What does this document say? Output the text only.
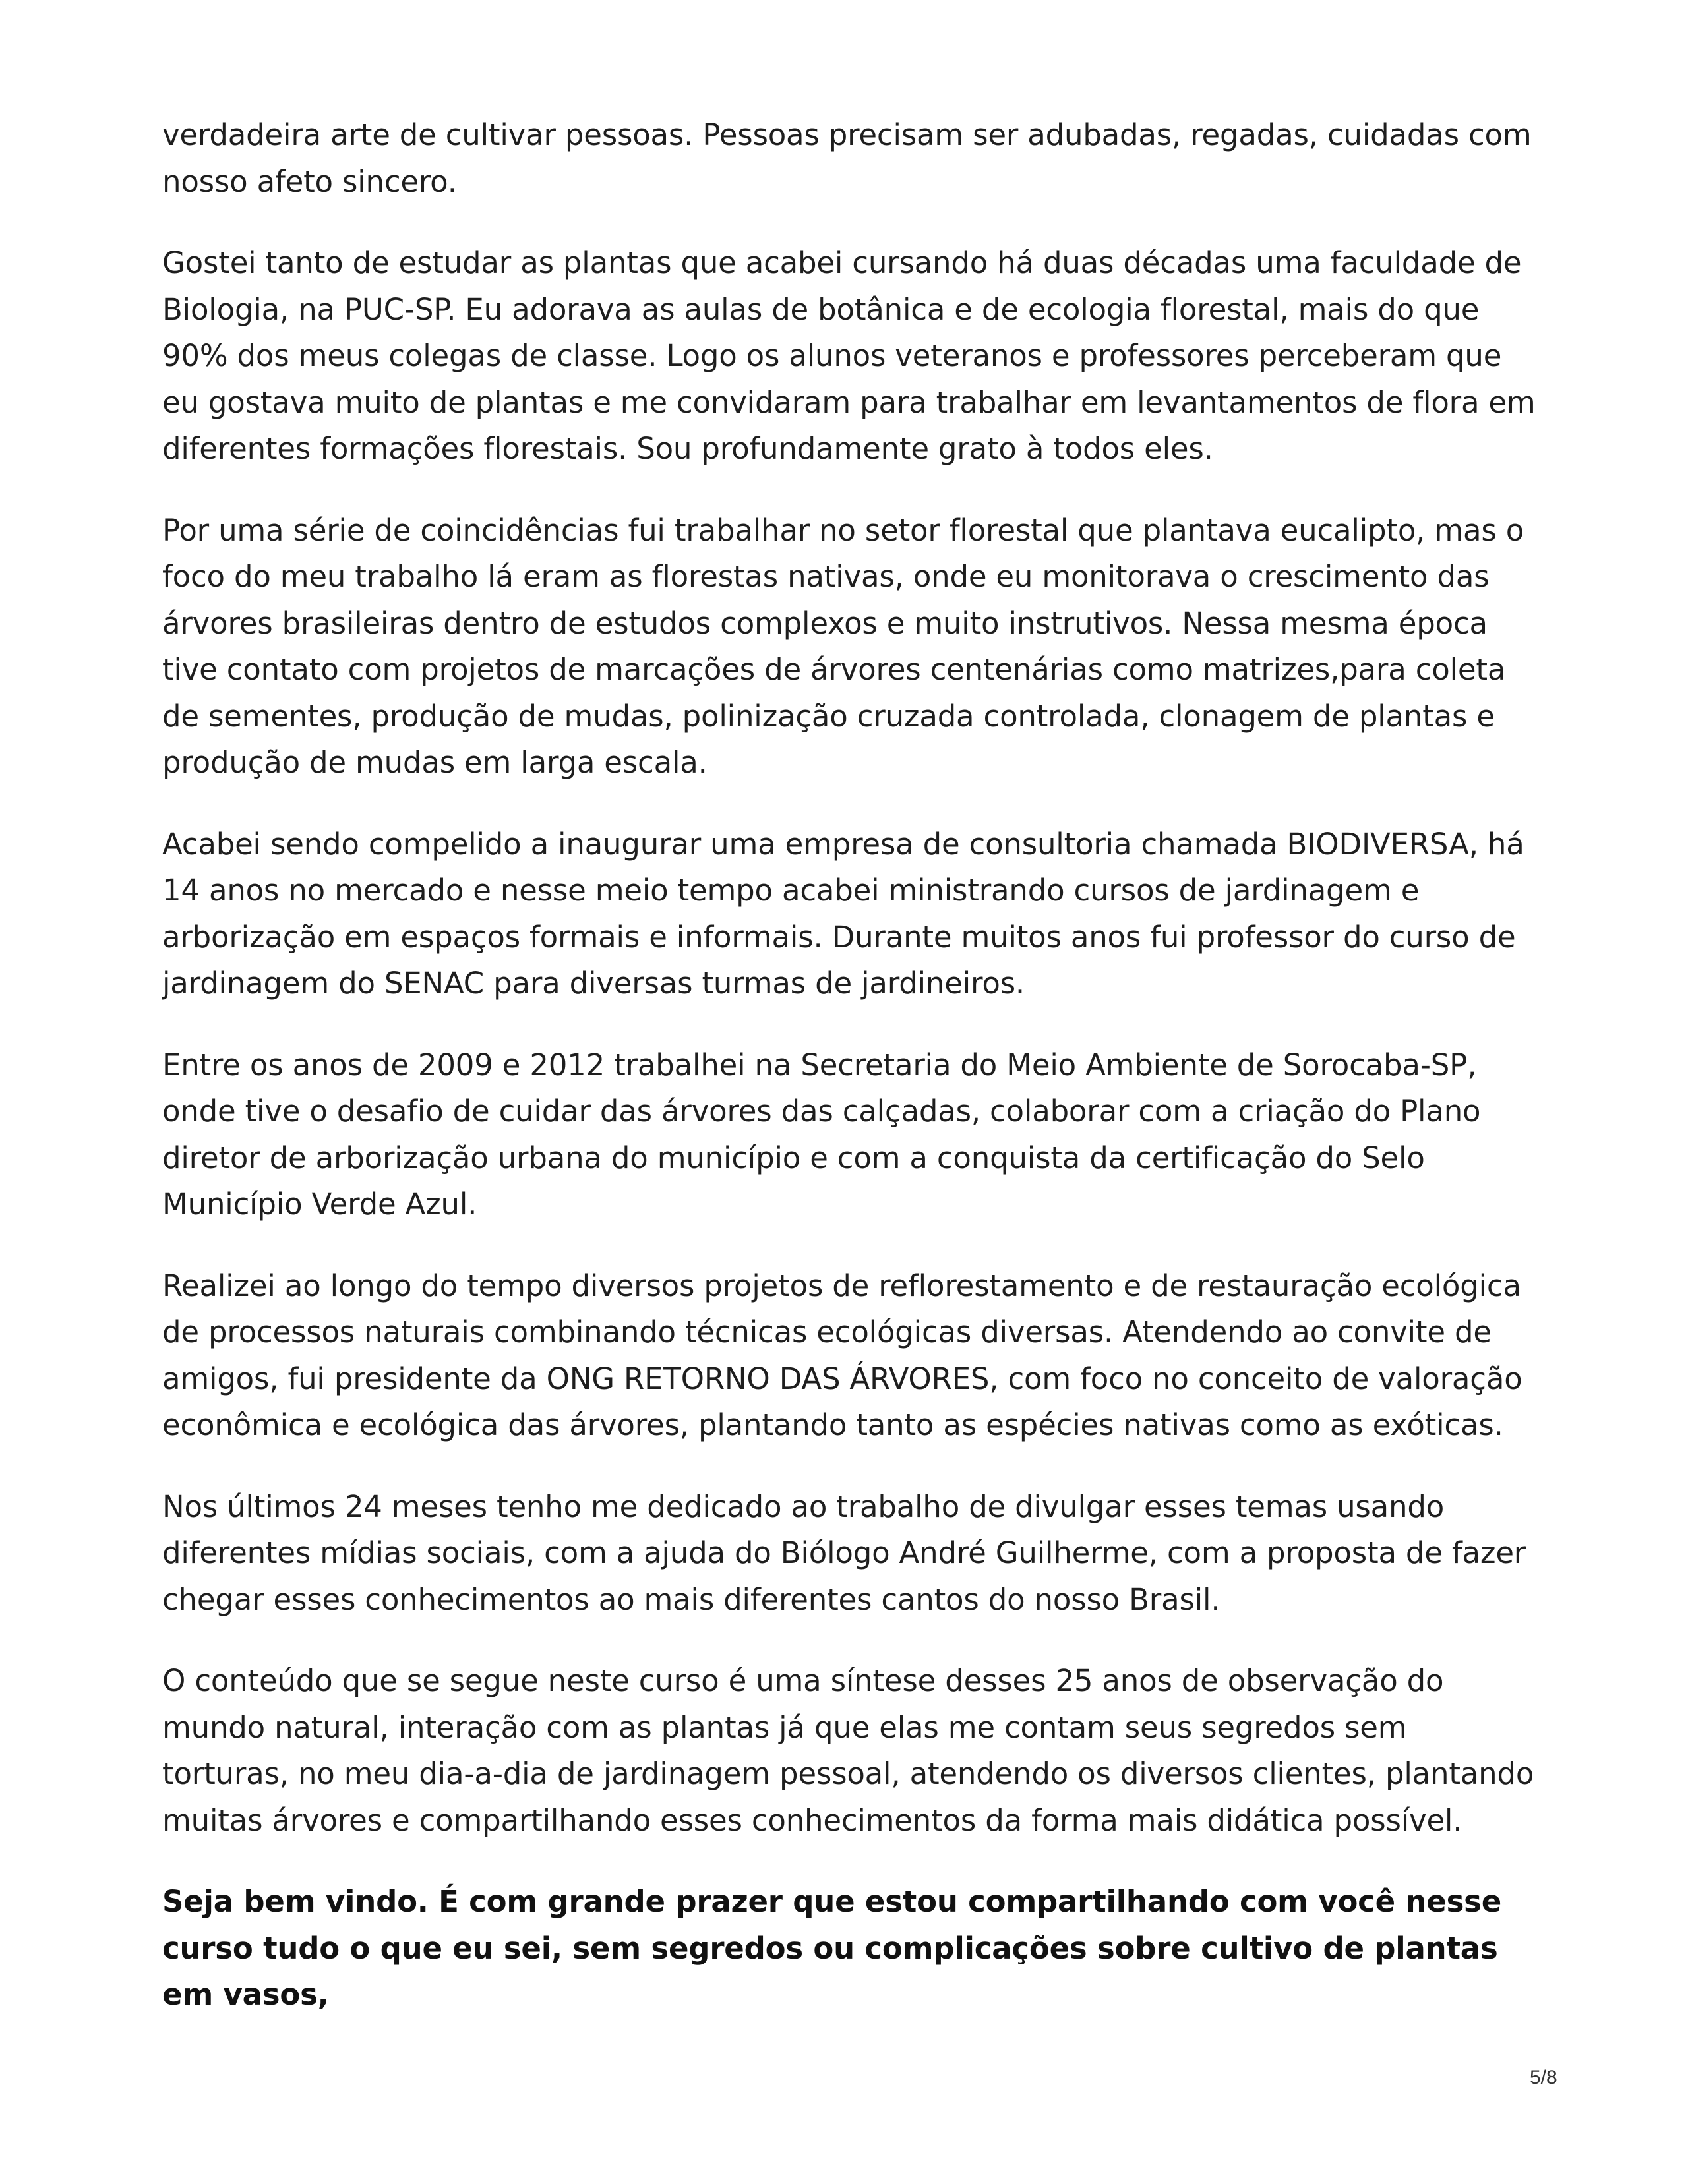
verdadeira arte de cultivar pessoas. Pessoas precisam ser adubadas, regadas, cuidadas com nosso afeto sincero.

Gostei tanto de estudar as plantas que acabei cursando há duas décadas uma faculdade de Biologia, na PUC-SP. Eu adorava as aulas de botânica e de ecologia florestal, mais do que 90% dos meus colegas de classe. Logo os alunos veteranos e professores perceberam que eu gostava muito de plantas e me convidaram para trabalhar em levantamentos de flora em diferentes formações florestais. Sou profundamente grato à todos eles.

Por uma série de coincidências fui trabalhar no setor florestal que plantava eucalipto, mas o foco do meu trabalho lá eram as florestas nativas, onde eu monitorava o crescimento das árvores brasileiras dentro de estudos complexos e muito instrutivos. Nessa mesma época tive contato com projetos de marcações de árvores centenárias como matrizes,para coleta de sementes, produção de mudas, polinização cruzada controlada, clonagem de plantas e produção de mudas em larga escala.

Acabei sendo compelido a inaugurar uma empresa de consultoria chamada BIODIVERSA, há 14 anos no mercado e nesse meio tempo acabei ministrando cursos de jardinagem e arborização em espaços formais e informais. Durante muitos anos fui professor do curso de jardinagem do SENAC para diversas turmas de jardineiros.

Entre os anos de 2009 e 2012 trabalhei na Secretaria do Meio Ambiente de Sorocaba-SP, onde tive o desafio de cuidar das árvores das calçadas, colaborar com a criação do Plano diretor de arborização urbana do município e com a conquista da certificação do Selo Município Verde Azul.

Realizei ao longo do tempo diversos projetos de reflorestamento e de restauração ecológica de processos naturais combinando técnicas ecológicas diversas. Atendendo ao convite de amigos, fui presidente da ONG RETORNO DAS ÁRVORES, com foco no conceito de valoração econômica e ecológica das árvores, plantando tanto as espécies nativas como as exóticas.

Nos últimos 24 meses tenho me dedicado ao trabalho de divulgar esses temas usando diferentes mídias sociais, com a ajuda do Biólogo André Guilherme, com a proposta de fazer chegar esses conhecimentos ao mais diferentes cantos do nosso Brasil.

O conteúdo que se segue neste curso é uma síntese desses 25 anos de observação do mundo natural, interação com as plantas já que elas me contam seus segredos sem torturas, no meu dia-a-dia de jardinagem pessoal, atendendo os diversos clientes, plantando muitas árvores e compartilhando esses conhecimentos da forma mais didática possível.

Seja bem vindo. É com grande prazer que estou compartilhando com você nesse curso tudo o que eu sei, sem segredos ou complicações sobre cultivo de plantas em vasos,

5/8
